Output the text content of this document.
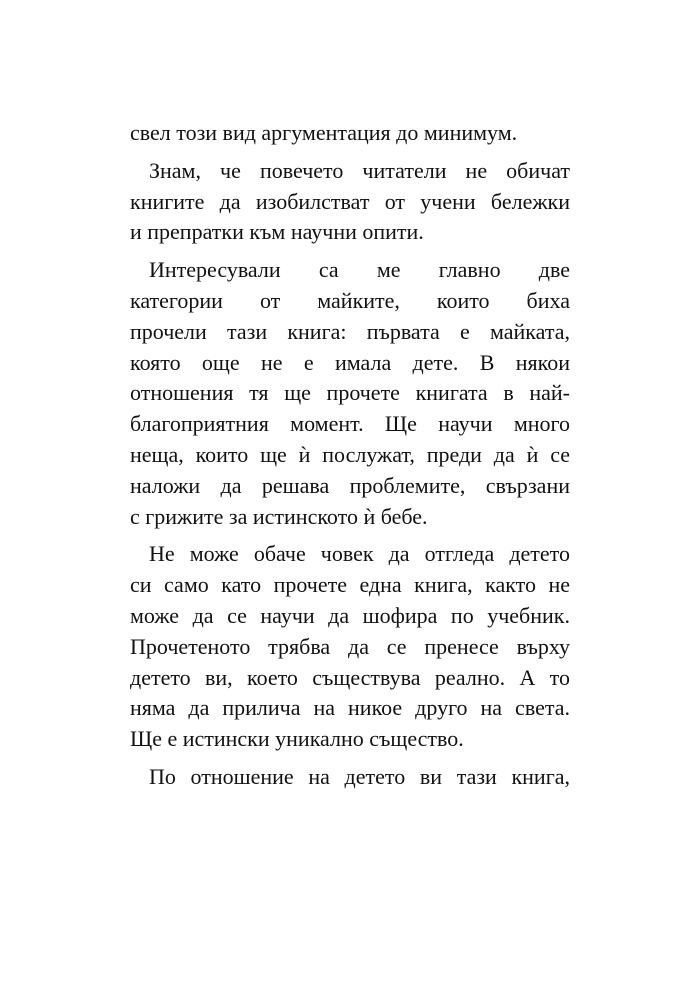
свел този вид аргументация до минимум.
Знам, че повечето читатели не обичат
книгите да изобилстват от учени бележки
и препратки към научни опити.
Интересували са ме главно две
категории от майките, които биха
прочели тази книга: първата е майката,
която още не е имала дете. В някои
отношения тя ще прочете книгата в най-
благоприятния момент. Ще научи много
неща, които ще ѝ послужат, преди да ѝ се
наложи да решава проблемите, свързани
с грижите за истинското ѝ бебе.
Не може обаче човек да отгледа детето
си само като прочете една книга, както не
може да се научи да шофира по учебник.
Прочетеното трябва да се пренесе върху
детето ви, което съществува реално. А то
няма да прилича на никое друго на света.
Ще е истински уникално същество.
По отношение на детето ви тази книга,
